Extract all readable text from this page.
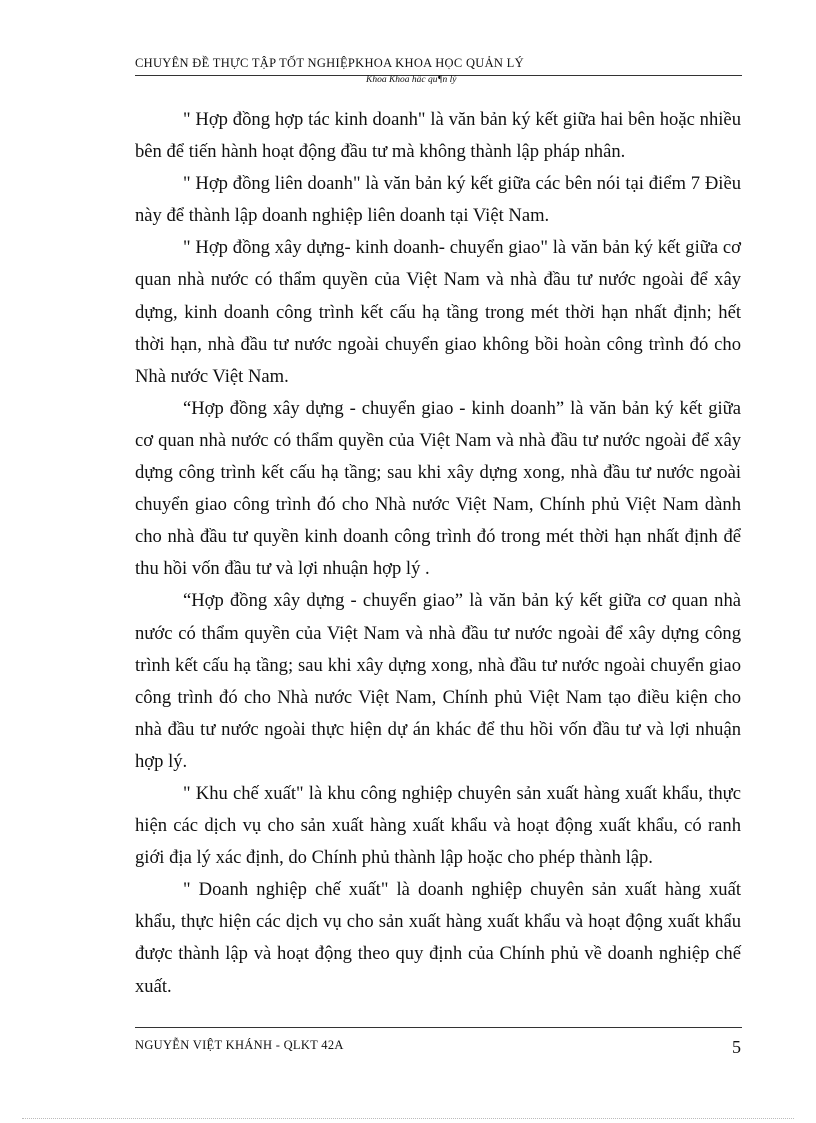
CHUYÊN ĐỀ THỰC TẬP TỐT NGHIỆPKHOA KHOA HỌC QUẢN LÝ
Khoa Khoa häc qu¶n lý

" Hợp đồng hợp tác kinh doanh" là văn bản ký kết giữa hai bên hoặc nhiều bên để tiến hành hoạt động đầu tư mà không thành lập pháp nhân.

" Hợp đồng liên doanh" là văn bản ký kết giữa các bên nói tại điểm 7 Điều này để thành lập doanh nghiệp liên doanh tại Việt Nam.

" Hợp đồng xây dựng- kinh doanh- chuyển giao" là văn bản ký kết giữa cơ quan nhà nước có thẩm quyền của Việt Nam và nhà đầu tư nước ngoài để xây dựng, kinh doanh công trình kết cấu hạ tầng trong mét thời hạn nhất định; hết thời hạn, nhà đầu tư nước ngoài chuyển giao không bồi hoàn công trình đó cho Nhà nước Việt Nam.

“Hợp đồng xây dựng - chuyển giao - kinh doanh” là văn bản ký kết giữa cơ quan nhà nước có thẩm quyền của Việt Nam và nhà đầu tư nước ngoài để xây dựng công trình kết cấu hạ tầng; sau khi xây dựng xong, nhà đầu tư nước ngoài chuyển giao công trình đó cho Nhà nước Việt Nam, Chính phủ Việt Nam dành cho nhà đầu tư quyền kinh doanh công trình đó trong mét thời hạn nhất định để thu hồi vốn đầu tư và lợi nhuận hợp lý .

“Hợp đồng xây dựng - chuyển giao” là văn bản ký kết giữa cơ quan nhà nước có thẩm quyền của Việt Nam và nhà đầu tư nước ngoài để xây dựng công trình kết cấu hạ tầng; sau khi xây dựng xong, nhà đầu tư nước ngoài chuyển giao công trình đó cho Nhà nước Việt Nam, Chính phủ Việt Nam tạo điều kiện cho nhà đầu tư nước ngoài thực hiện dự án khác để thu hồi vốn đầu tư và lợi nhuận hợp lý.

" Khu chế xuất" là khu công nghiệp chuyên sản xuất hàng xuất khẩu, thực hiện các dịch vụ cho sản xuất hàng xuất khẩu và hoạt động xuất khẩu, có ranh giới địa lý xác định, do Chính phủ thành lập hoặc cho phép thành lập.

" Doanh nghiệp chế xuất" là doanh nghiệp chuyên sản xuất hàng xuất khẩu, thực hiện các dịch vụ cho sản xuất hàng xuất khẩu và hoạt động xuất khẩu được thành lập và hoạt động theo quy định của Chính phủ về doanh nghiệp chế xuất.

NGUYỄN VIỆT KHÁNH - QLKT 42A	5
